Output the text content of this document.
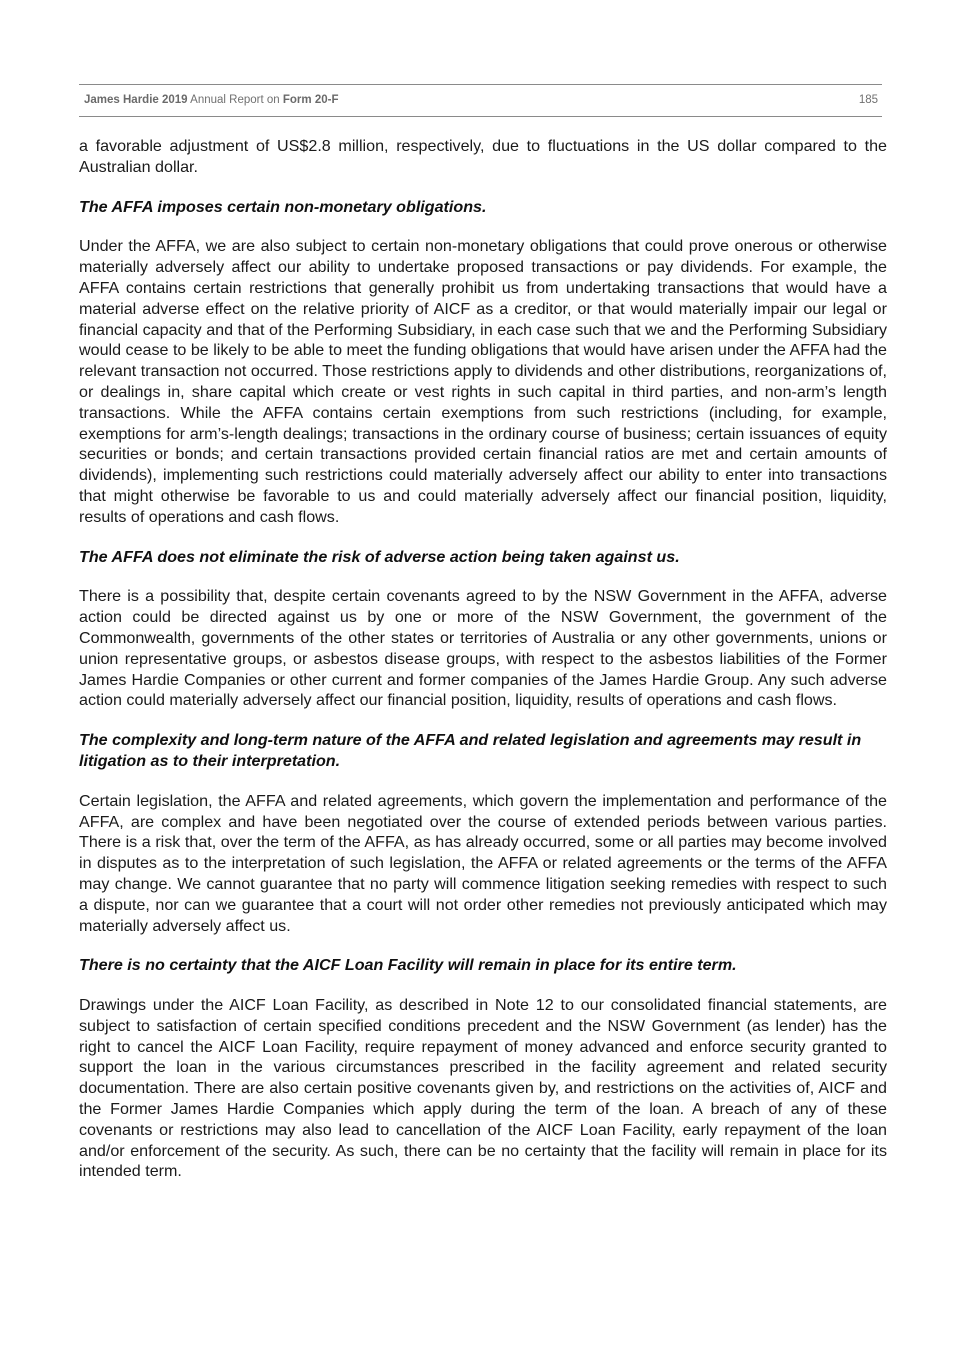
James Hardie 2019 Annual Report on Form 20-F	185

a favorable adjustment of US$2.8 million, respectively, due to fluctuations in the US dollar compared to the Australian dollar.

The AFFA imposes certain non-monetary obligations.

Under the AFFA, we are also subject to certain non-monetary obligations that could prove onerous or otherwise materially adversely affect our ability to undertake proposed transactions or pay dividends. For example, the AFFA contains certain restrictions that generally prohibit us from undertaking transactions that would have a material adverse effect on the relative priority of AICF as a creditor, or that would materially impair our legal or financial capacity and that of the Performing Subsidiary, in each case such that we and the Performing Subsidiary would cease to be likely to be able to meet the funding obligations that would have arisen under the AFFA had the relevant transaction not occurred. Those restrictions apply to dividends and other distributions, reorganizations of, or dealings in, share capital which create or vest rights in such capital in third parties, and non-arm’s length transactions. While the AFFA contains certain exemptions from such restrictions (including, for example, exemptions for arm’s-length dealings; transactions in the ordinary course of business; certain issuances of equity securities or bonds; and certain transactions provided certain financial ratios are met and certain amounts of dividends), implementing such restrictions could materially adversely affect our ability to enter into transactions that might otherwise be favorable to us and could materially adversely affect our financial position, liquidity, results of operations and cash flows.

The AFFA does not eliminate the risk of adverse action being taken against us.

There is a possibility that, despite certain covenants agreed to by the NSW Government in the AFFA, adverse action could be directed against us by one or more of the NSW Government, the government of the Commonwealth, governments of the other states or territories of Australia or any other governments, unions or union representative groups, or asbestos disease groups, with respect to the asbestos liabilities of the Former James Hardie Companies or other current and former companies of the James Hardie Group. Any such adverse action could materially adversely affect our financial position, liquidity, results of operations and cash flows.

The complexity and long-term nature of the AFFA and related legislation and agreements may result in litigation as to their interpretation.

Certain legislation, the AFFA and related agreements, which govern the implementation and performance of the AFFA, are complex and have been negotiated over the course of extended periods between various parties. There is a risk that, over the term of the AFFA, as has already occurred, some or all parties may become involved in disputes as to the interpretation of such legislation, the AFFA or related agreements or the terms of the AFFA may change. We cannot guarantee that no party will commence litigation seeking remedies with respect to such a dispute, nor can we guarantee that a court will not order other remedies not previously anticipated which may materially adversely affect us.

There is no certainty that the AICF Loan Facility will remain in place for its entire term.

Drawings under the AICF Loan Facility, as described in Note 12 to our consolidated financial statements, are subject to satisfaction of certain specified conditions precedent and the NSW Government (as lender) has the right to cancel the AICF Loan Facility, require repayment of money advanced and enforce security granted to support the loan in the various circumstances prescribed in the facility agreement and related security documentation. There are also certain positive covenants given by, and restrictions on the activities of, AICF and the Former James Hardie Companies which apply during the term of the loan. A breach of any of these covenants or restrictions may also lead to cancellation of the AICF Loan Facility, early repayment of the loan and/or enforcement of the security. As such, there can be no certainty that the facility will remain in place for its intended term.
